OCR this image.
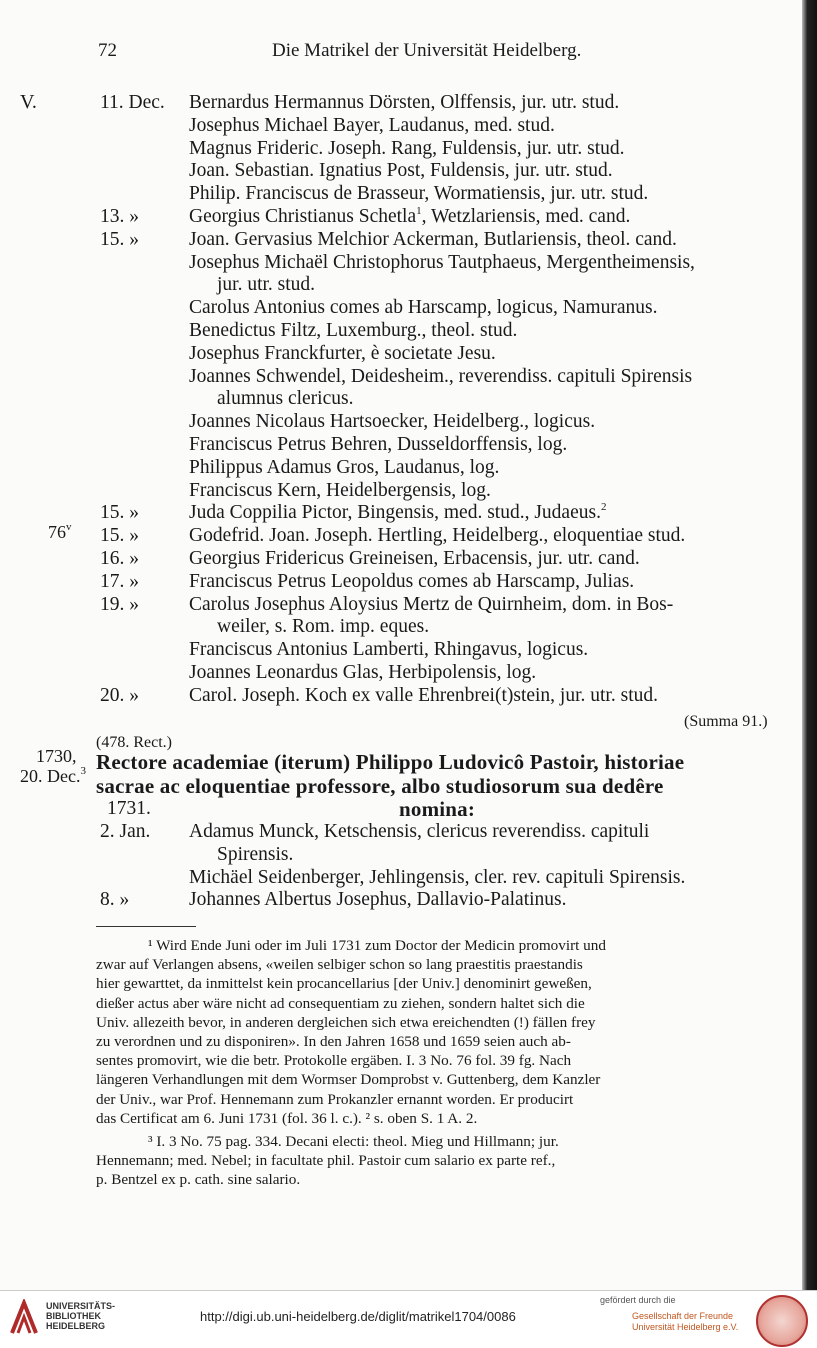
72	Die Matrikel der Universität Heidelberg.
V.
76$^v$
1730,
20. Dec.$^3$
11. Dec. Bernardus Hermannus Dörsten, Olffensis, jur. utr. stud.
Josephus Michael Bayer, Laudanus, med. stud.
Magnus Frideric. Joseph. Rang, Fuldensis, jur. utr. stud.
Joan. Sebastian. Ignatius Post, Fuldensis, jur. utr. stud.
Philip. Franciscus de Brasseur, Wormatiensis, jur. utr. stud.
13. »	Georgius Christianus Schetla$^1$, Wetzlariensis, med. cand.
15. »	Joan. Gervasius Melchior Ackerman, Butlariensis, theol. cand.
Josephus Michaël Christophorus Tautphaeus, Mergentheimensis,
jur. utr. stud.
Carolus Antonius comes ab Harscamp, logicus, Namuranus.
Benedictus Filtz, Luxemburg., theol. stud.
Josephus Franckfurter, è societate Jesu.
Joannes Schwendel, Deidesheim., reverendiss. capituli Spirensis
alumnus clericus.
Joannes Nicolaus Hartsoecker, Heidelberg., logicus.
Franciscus Petrus Behren, Dusseldorffensis, log.
Philippus Adamus Gros, Laudanus, log.
Franciscus Kern, Heidelbergensis, log.
15. »	Juda Coppilia Pictor, Bingensis, med. stud., Judaeus.$^2$
15. »	Godefrid. Joan. Joseph. Hertling, Heidelberg., eloquentiae stud.
16. »	Georgius Fridericus Greineisen, Erbacensis, jur. utr. cand.
17. »	Franciscus Petrus Leopoldus comes ab Harscamp, Julias.
19. »	Carolus Josephus Aloysius Mertz de Quirnheim, dom. in Bos-
weiler, s. Rom. imp. eques.
Franciscus Antonius Lamberti, Rhingavus, logicus.
Joannes Leonardus Glas, Herbipolensis, log.
20. »	Carol. Joseph. Koch ex valle Ehrenbrei(t)stein, jur. utr. stud.
(Summa 91.)
(478. Rect.)
Rectore academiae (iterum) Philippo Ludovicô Pastoir, historiae
sacrae ac eloquentiae professore, albo studiosorum sua dedêre
1731.	nomina:
2. Jan. Adamus Munck, Ketschensis, clericus reverendiss. capituli
Spirensis.
Michäel Seidenberger, Jehlingensis, cler. rev. capituli Spirensis.
8. »	Johannes Albertus Josephus, Dallavio-Palatinus.
¹ Wird Ende Juni oder im Juli 1731 zum Doctor der Medicin promovirt und
zwar auf Verlangen absens, «weilen selbiger schon so lang praestitis praestandis
hier gewarttet, da inmittelst kein procancellarius [der Univ.] denominirt geweßen,
dießer actus aber wäre nicht ad consequentiam zu ziehen, sondern haltet sich die
Univ. allezeith bevor, in anderen dergleichen sich etwa ereichendten (!) fällen frey
zu verordnen und zu disponiren». In den Jahren 1658 und 1659 seien auch ab-
sentes promovirt, wie die betr. Protokolle ergäben. I. 3 No. 76 fol. 39 fg. Nach
längeren Verhandlungen mit dem Wormser Domprobst v. Guttenberg, dem Kanzler
der Univ., war Prof. Hennemann zum Prokanzler ernannt worden. Er producirt
das Certificat am 6. Juni 1731 (fol. 36 l. c.). ² s. oben S. 1 A. 2.
³ I. 3 No. 75 pag. 334. Decani electi: theol. Mieg und Hillmann; jur.
Hennemann; med. Nebel; in facultate phil. Pastoir cum salario ex parte ref.,
p. Bentzel ex p. cath. sine salario.
UNIVERSITÄTS-
BIBLIOTHEK
HEIDELBERG
http://digi.ub.uni-heidelberg.de/diglit/matrikel1704/0086
gefördert durch die
Gesellschaft der Freunde
Universität Heidelberg e.V.
